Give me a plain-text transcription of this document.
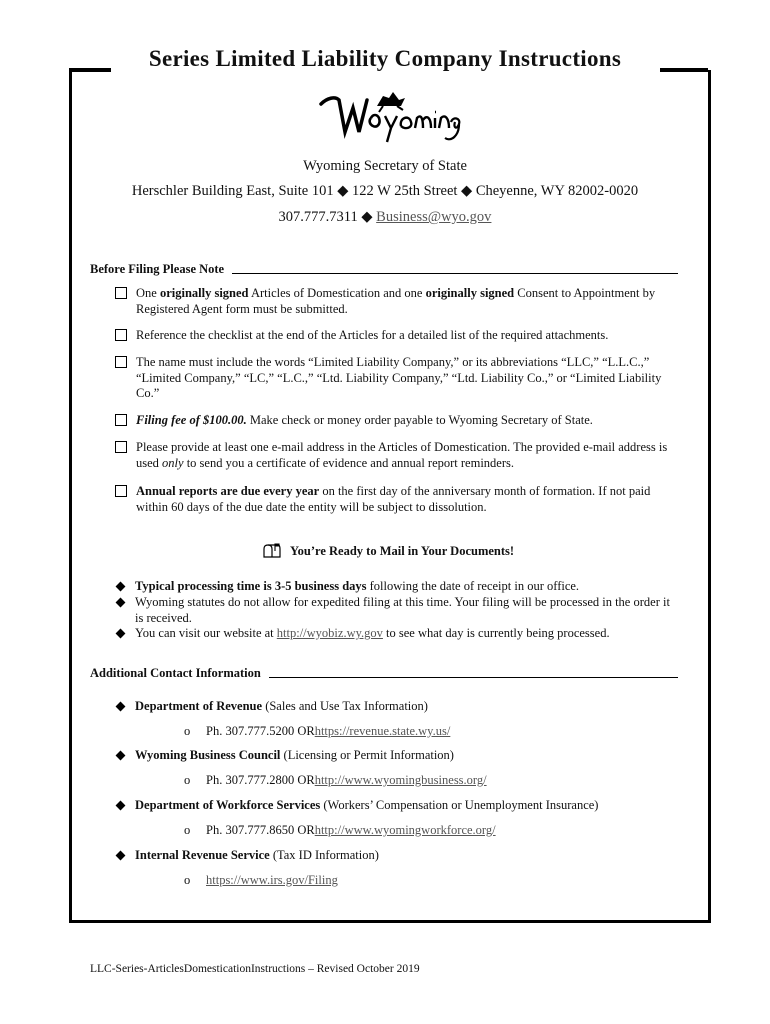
Series Limited Liability Company Instructions
Wyoming Secretary of State
Herschler Building East, Suite 101 ◆ 122 W 25th Street ◆ Cheyenne, WY 82002-0020
307.777.7311 ◆ Business@wyo.gov
Before Filing Please Note
One originally signed Articles of Domestication and one originally signed Consent to Appointment by Registered Agent form must be submitted.
Reference the checklist at the end of the Articles for a detailed list of the required attachments.
The name must include the words “Limited Liability Company,” or its abbreviations “LLC,” “L.L.C.,” “Limited Company,” “LC,” “L.C.,” “Ltd. Liability Company,” “Ltd. Liability Co.,” or “Limited Liability Co.”
Filing fee of $100.00. Make check or money order payable to Wyoming Secretary of State.
Please provide at least one e-mail address in the Articles of Domestication. The provided e-mail address is used only to send you a certificate of evidence and annual report reminders.
Annual reports are due every year on the first day of the anniversary month of formation. If not paid within 60 days of the due date the entity will be subject to dissolution.
You’re Ready to Mail in Your Documents!
Typical processing time is 3-5 business days following the date of receipt in our office.
Wyoming statutes do not allow for expedited filing at this time. Your filing will be processed in the order it is received.
You can visit our website at http://wyobiz.wy.gov to see what day is currently being processed.
Additional Contact Information
Department of Revenue (Sales and Use Tax Information)
o	Ph. 307.777.5200 OR https://revenue.state.wy.us/
Wyoming Business Council (Licensing or Permit Information)
o	Ph. 307.777.2800 OR http://www.wyomingbusiness.org/
Department of Workforce Services (Workers’ Compensation or Unemployment Insurance)
o	Ph. 307.777.8650 OR http://www.wyomingworkforce.org/
Internal Revenue Service (Tax ID Information)
o	https://www.irs.gov/Filing
LLC-Series-ArticlesDomesticationInstructions – Revised October 2019
